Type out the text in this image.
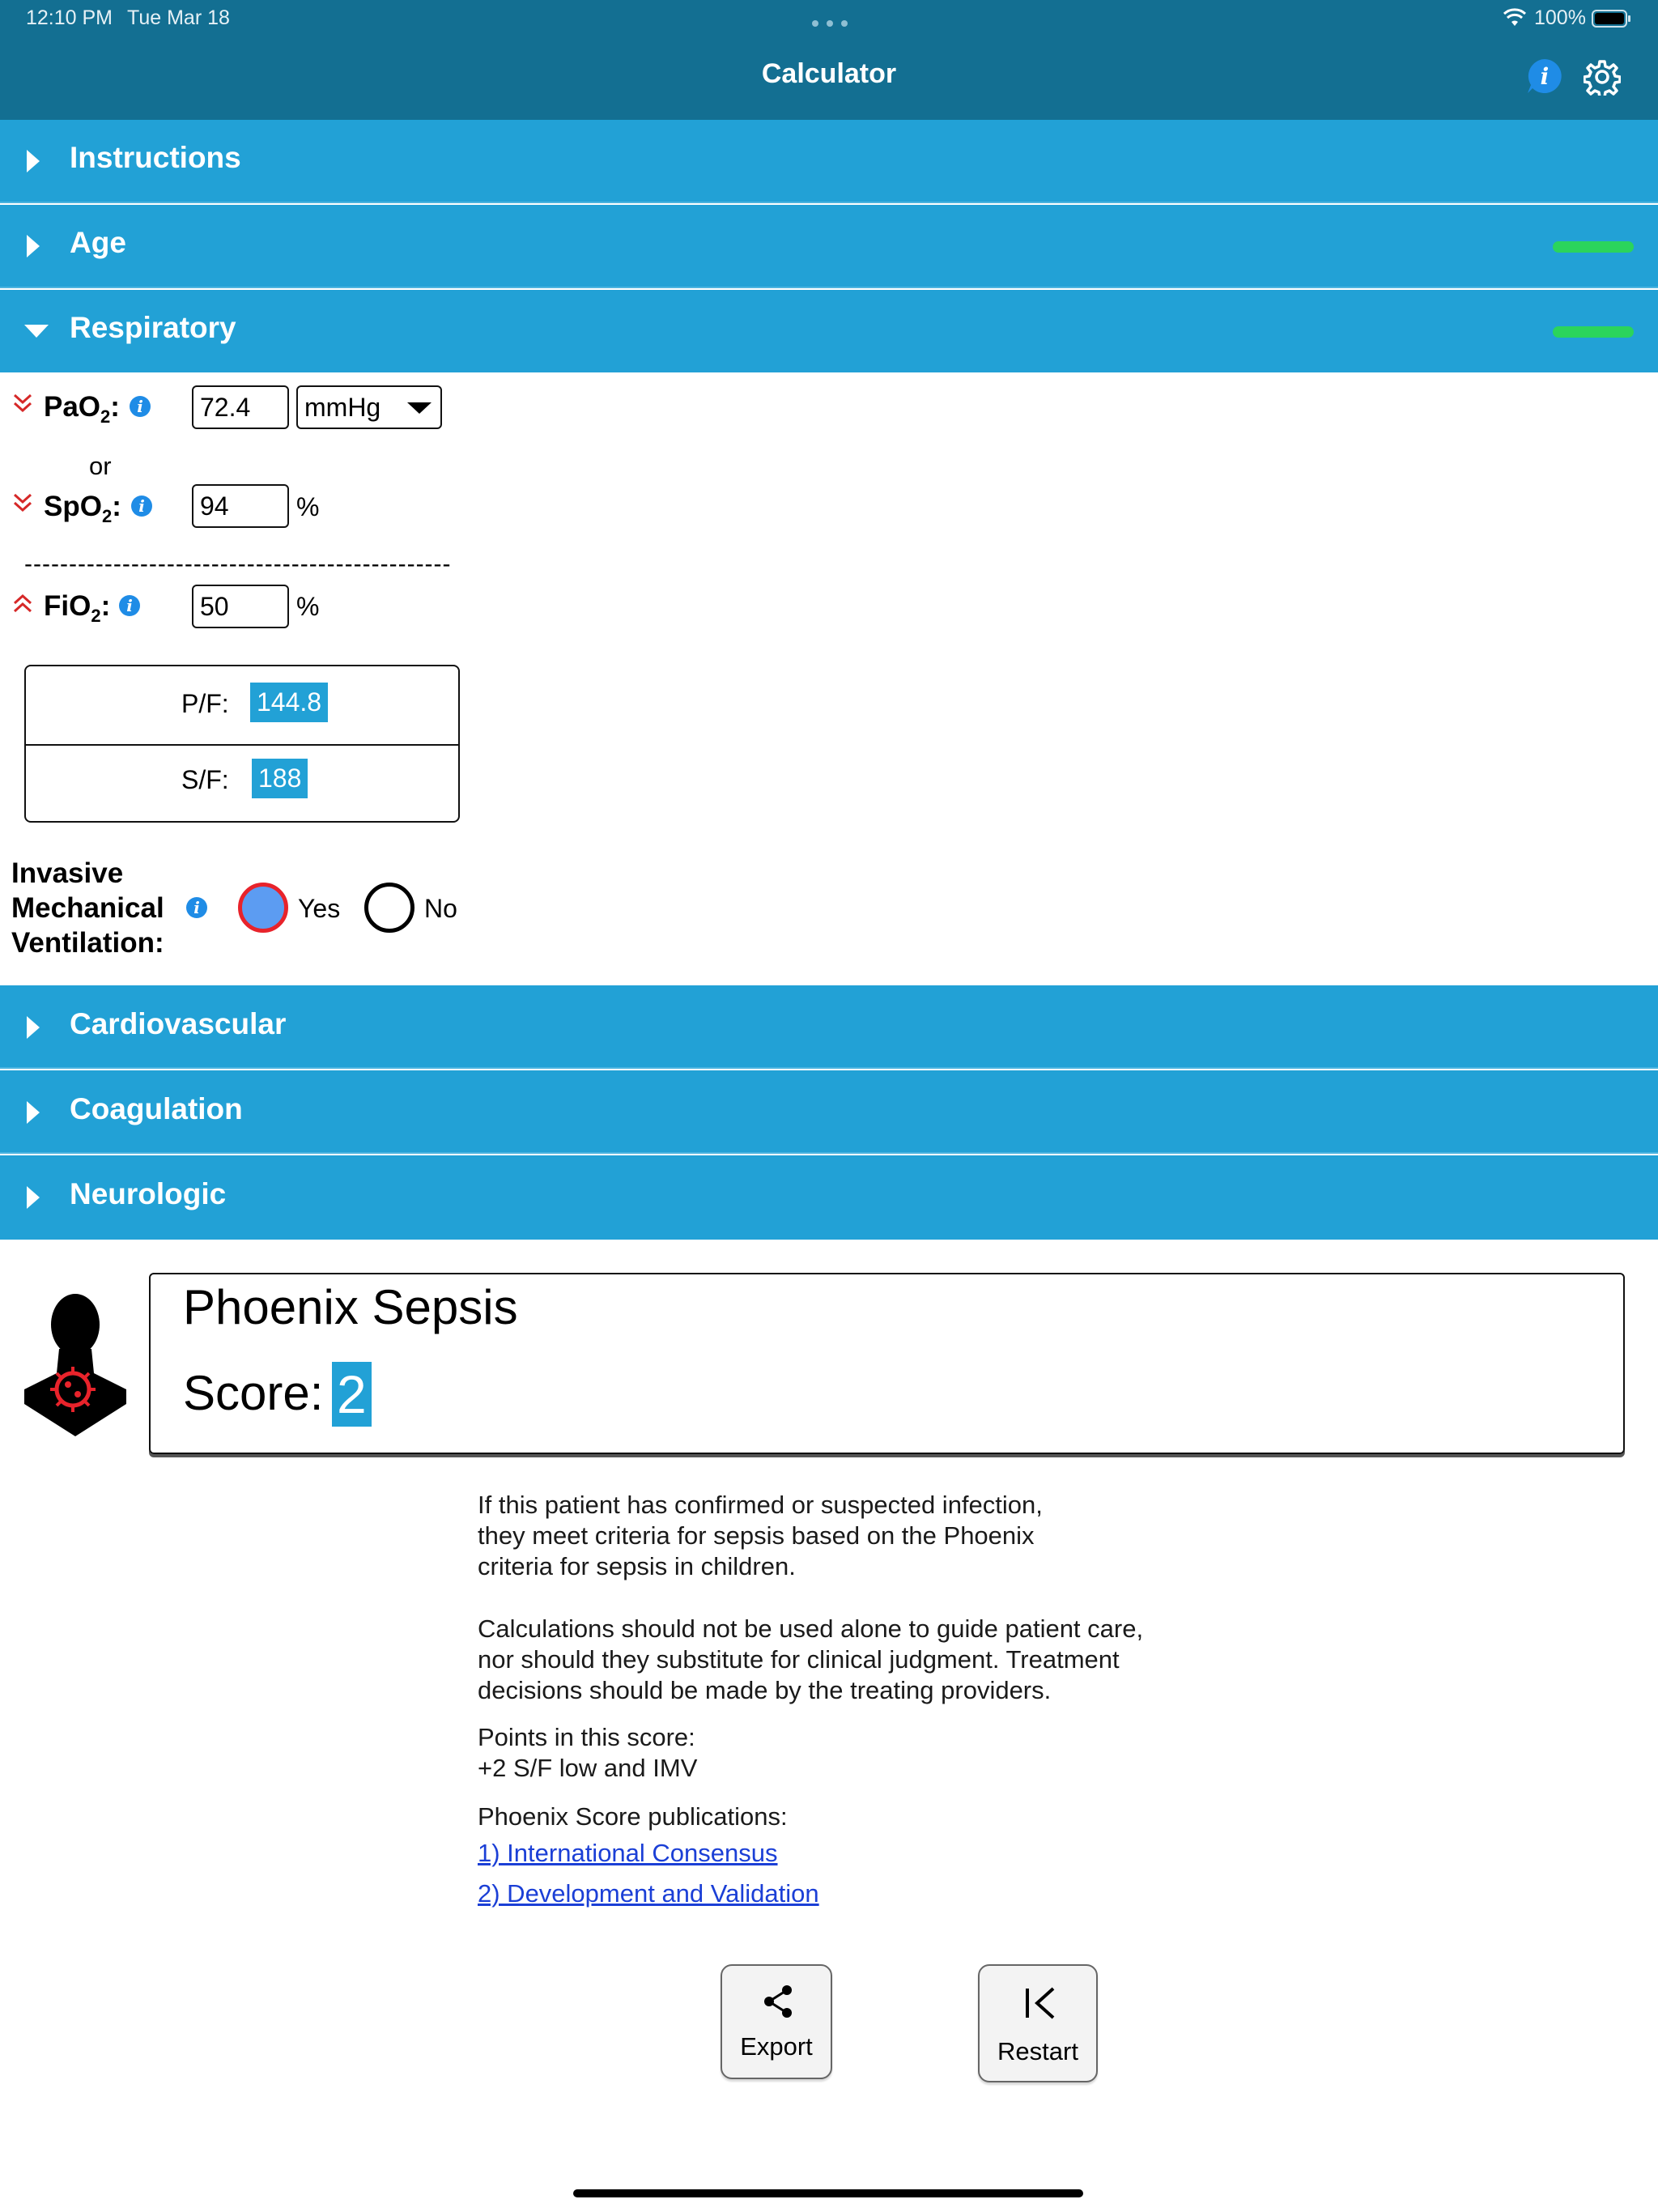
12:10 PM Tue Mar 18	100%
Calculator	i
Instructions
Age
Respiratory
PaO$_2$:	i	72.4	mmHg
or
SpO$_2$:	i	94	%
------------------------------------------------
FiO$_2$: i	50	%
P/F: 144.8
S/F: 188
Invasive
Mechanical
Ventilation:
i	Yes	No
Cardiovascular
Coagulation
Neurologic
Phoenix Sepsis
Score: 2
If this patient has confirmed or suspected infection,
they meet criteria for sepsis based on the Phoenix
criteria for sepsis in children.
Calculations should not be used alone to guide patient care,
nor should they substitute for clinical judgment. Treatment
decisions should be made by the treating providers.
Points in this score:
+2 S/F low and IMV
Phoenix Score publications:
1) International Consensus
2) Development and Validation
Export	Restart
